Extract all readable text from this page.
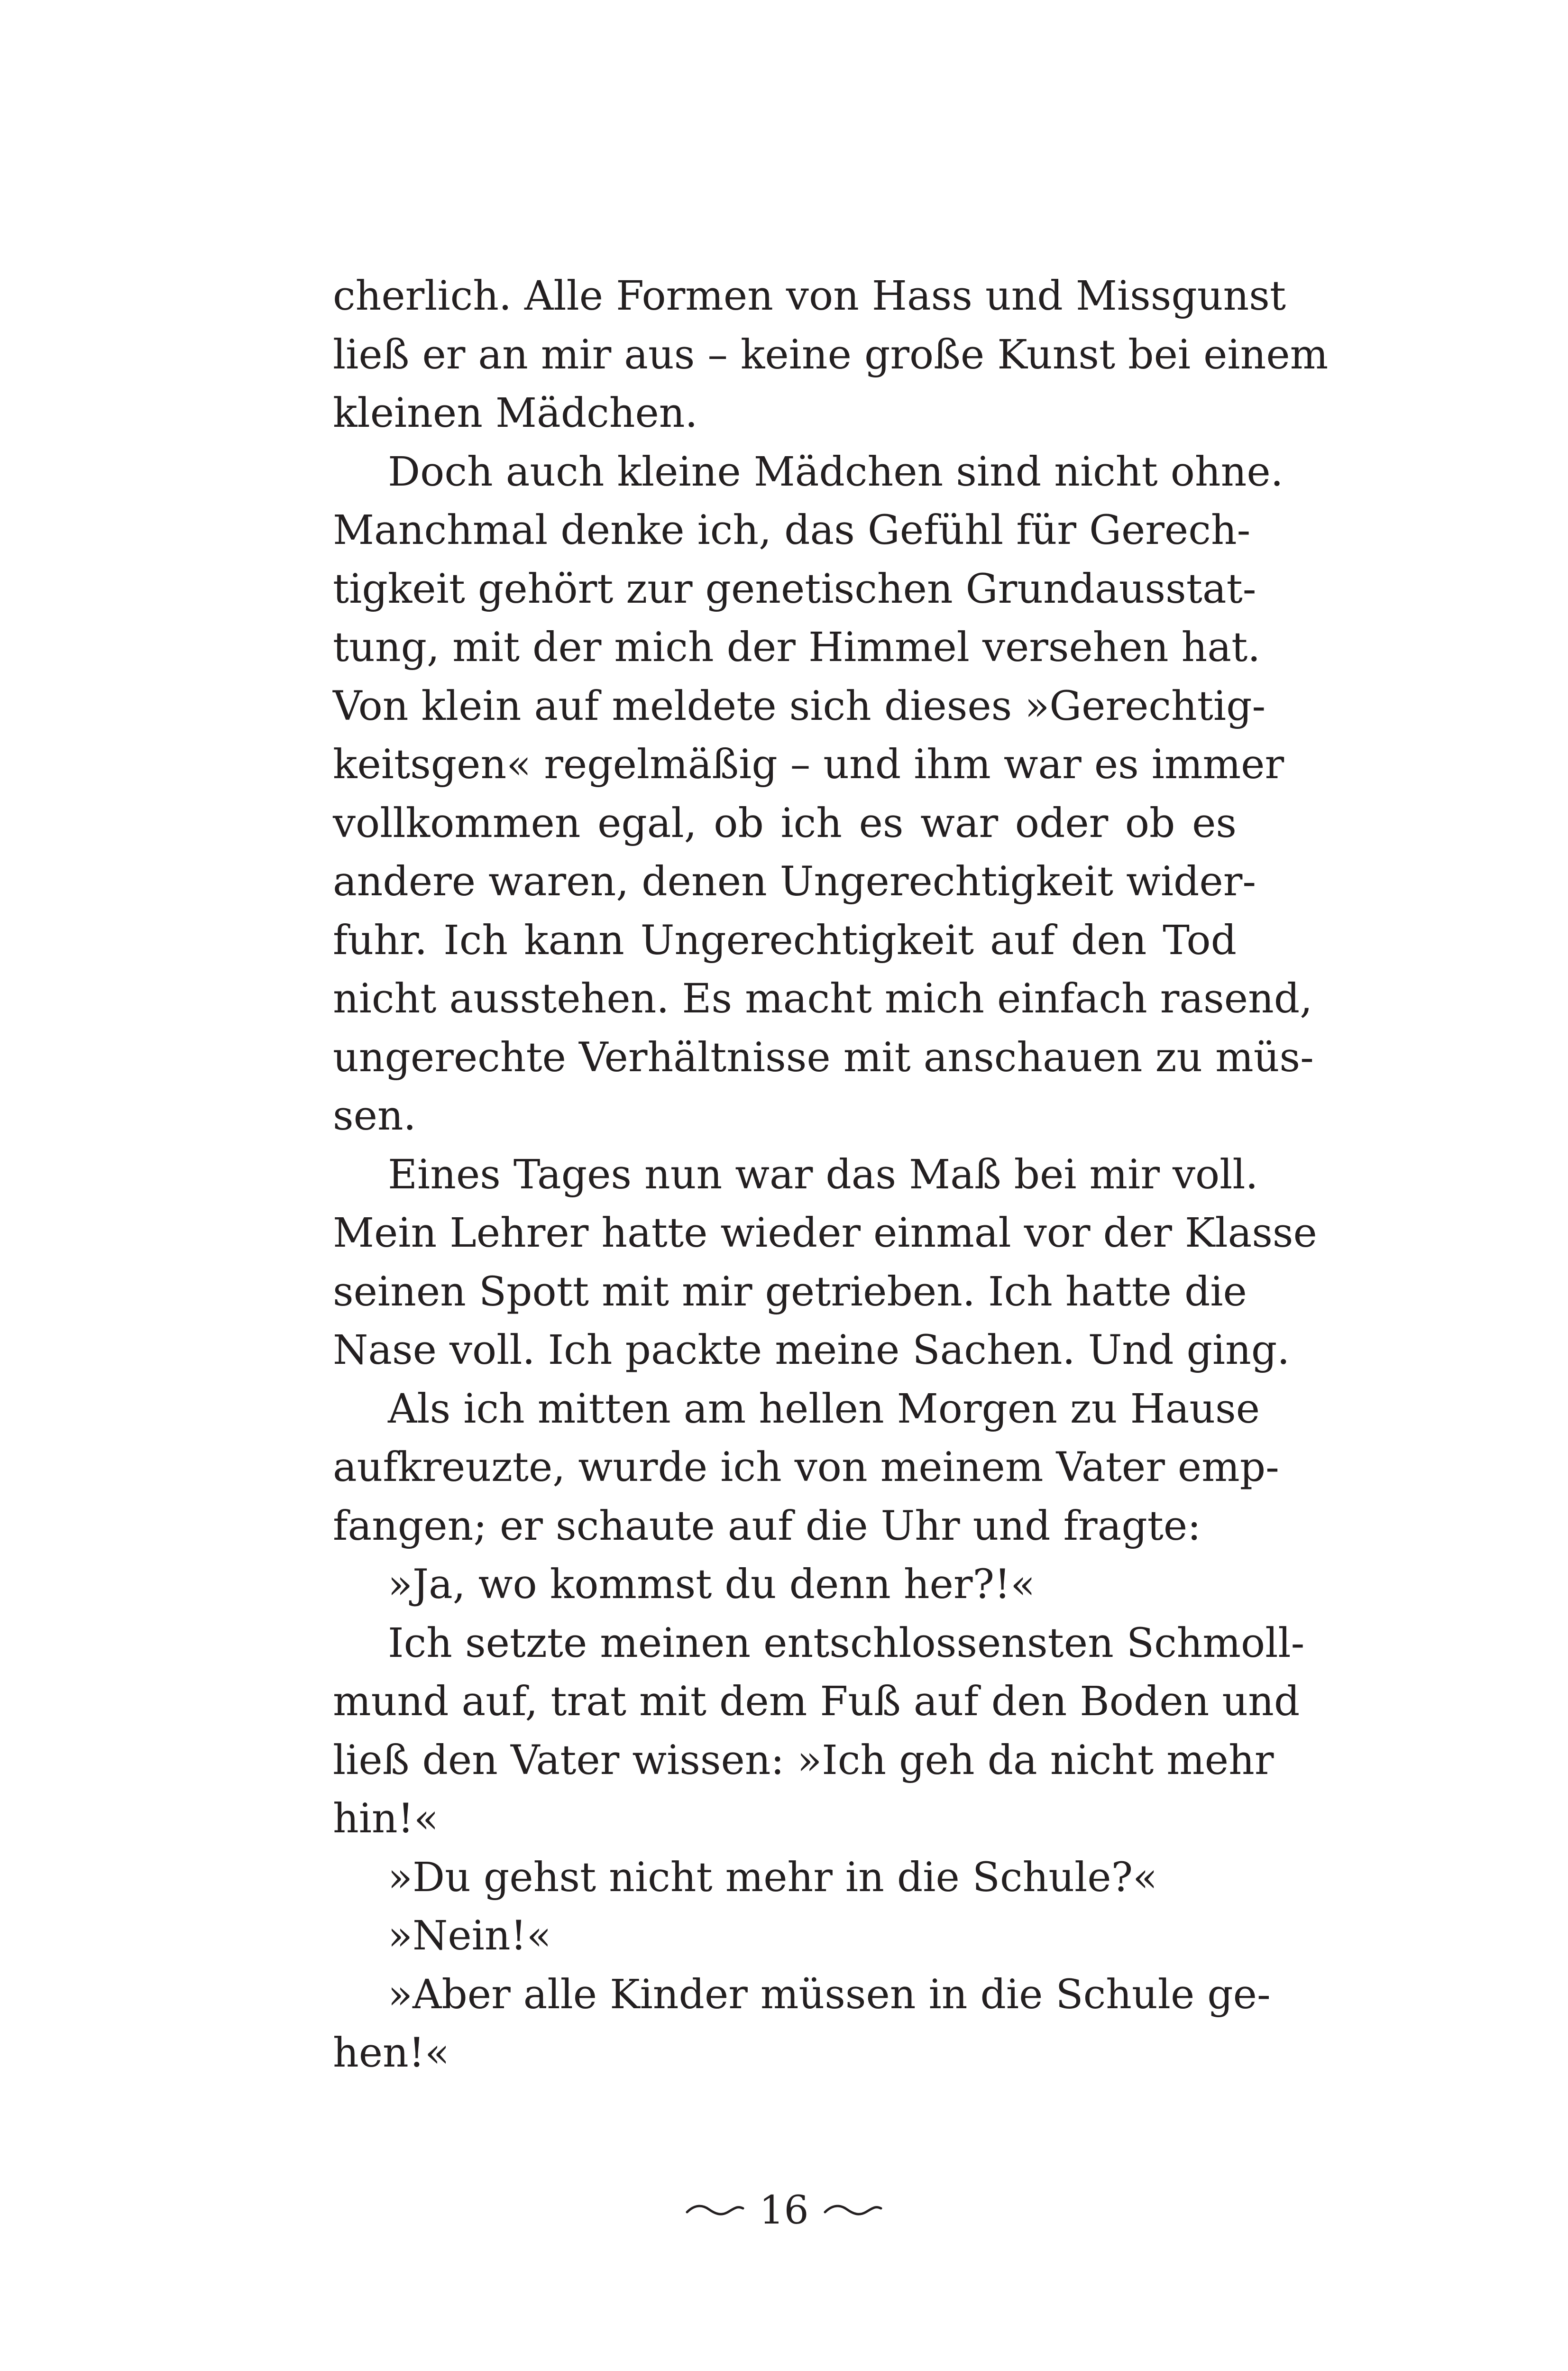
cherlich. Alle Formen von Hass und Missgunst
ließ er an mir aus – keine große Kunst bei einem
kleinen Mädchen.
Doch auch kleine Mädchen sind nicht ohne.
Manchmal denke ich, das Gefühl für Gerech-
tigkeit gehört zur genetischen Grundausstat-
tung, mit der mich der Himmel versehen hat.
Von klein auf meldete sich dieses »Gerechtig-
keitsgen« regelmäßig – und ihm war es immer
vollkommen egal, ob ich es war oder ob es
andere waren, denen Ungerechtigkeit wider-
fuhr. Ich kann Ungerechtigkeit auf den Tod
nicht ausstehen. Es macht mich einfach rasend,
ungerechte Verhältnisse mit anschauen zu müs-
sen.
Eines Tages nun war das Maß bei mir voll.
Mein Lehrer hatte wieder einmal vor der Klasse
seinen Spott mit mir getrieben. Ich hatte die
Nase voll. Ich packte meine Sachen. Und ging.
Als ich mitten am hellen Morgen zu Hause
aufkreuzte, wurde ich von meinem Vater emp-
fangen; er schaute auf die Uhr und fragte:
»Ja, wo kommst du denn her?!«
Ich setzte meinen entschlossensten Schmoll-
mund auf, trat mit dem Fuß auf den Boden und
ließ den Vater wissen: »Ich geh da nicht mehr
hin!«
»Du gehst nicht mehr in die Schule?«
»Nein!«
»Aber alle Kinder müssen in die Schule ge-
hen!«
16
